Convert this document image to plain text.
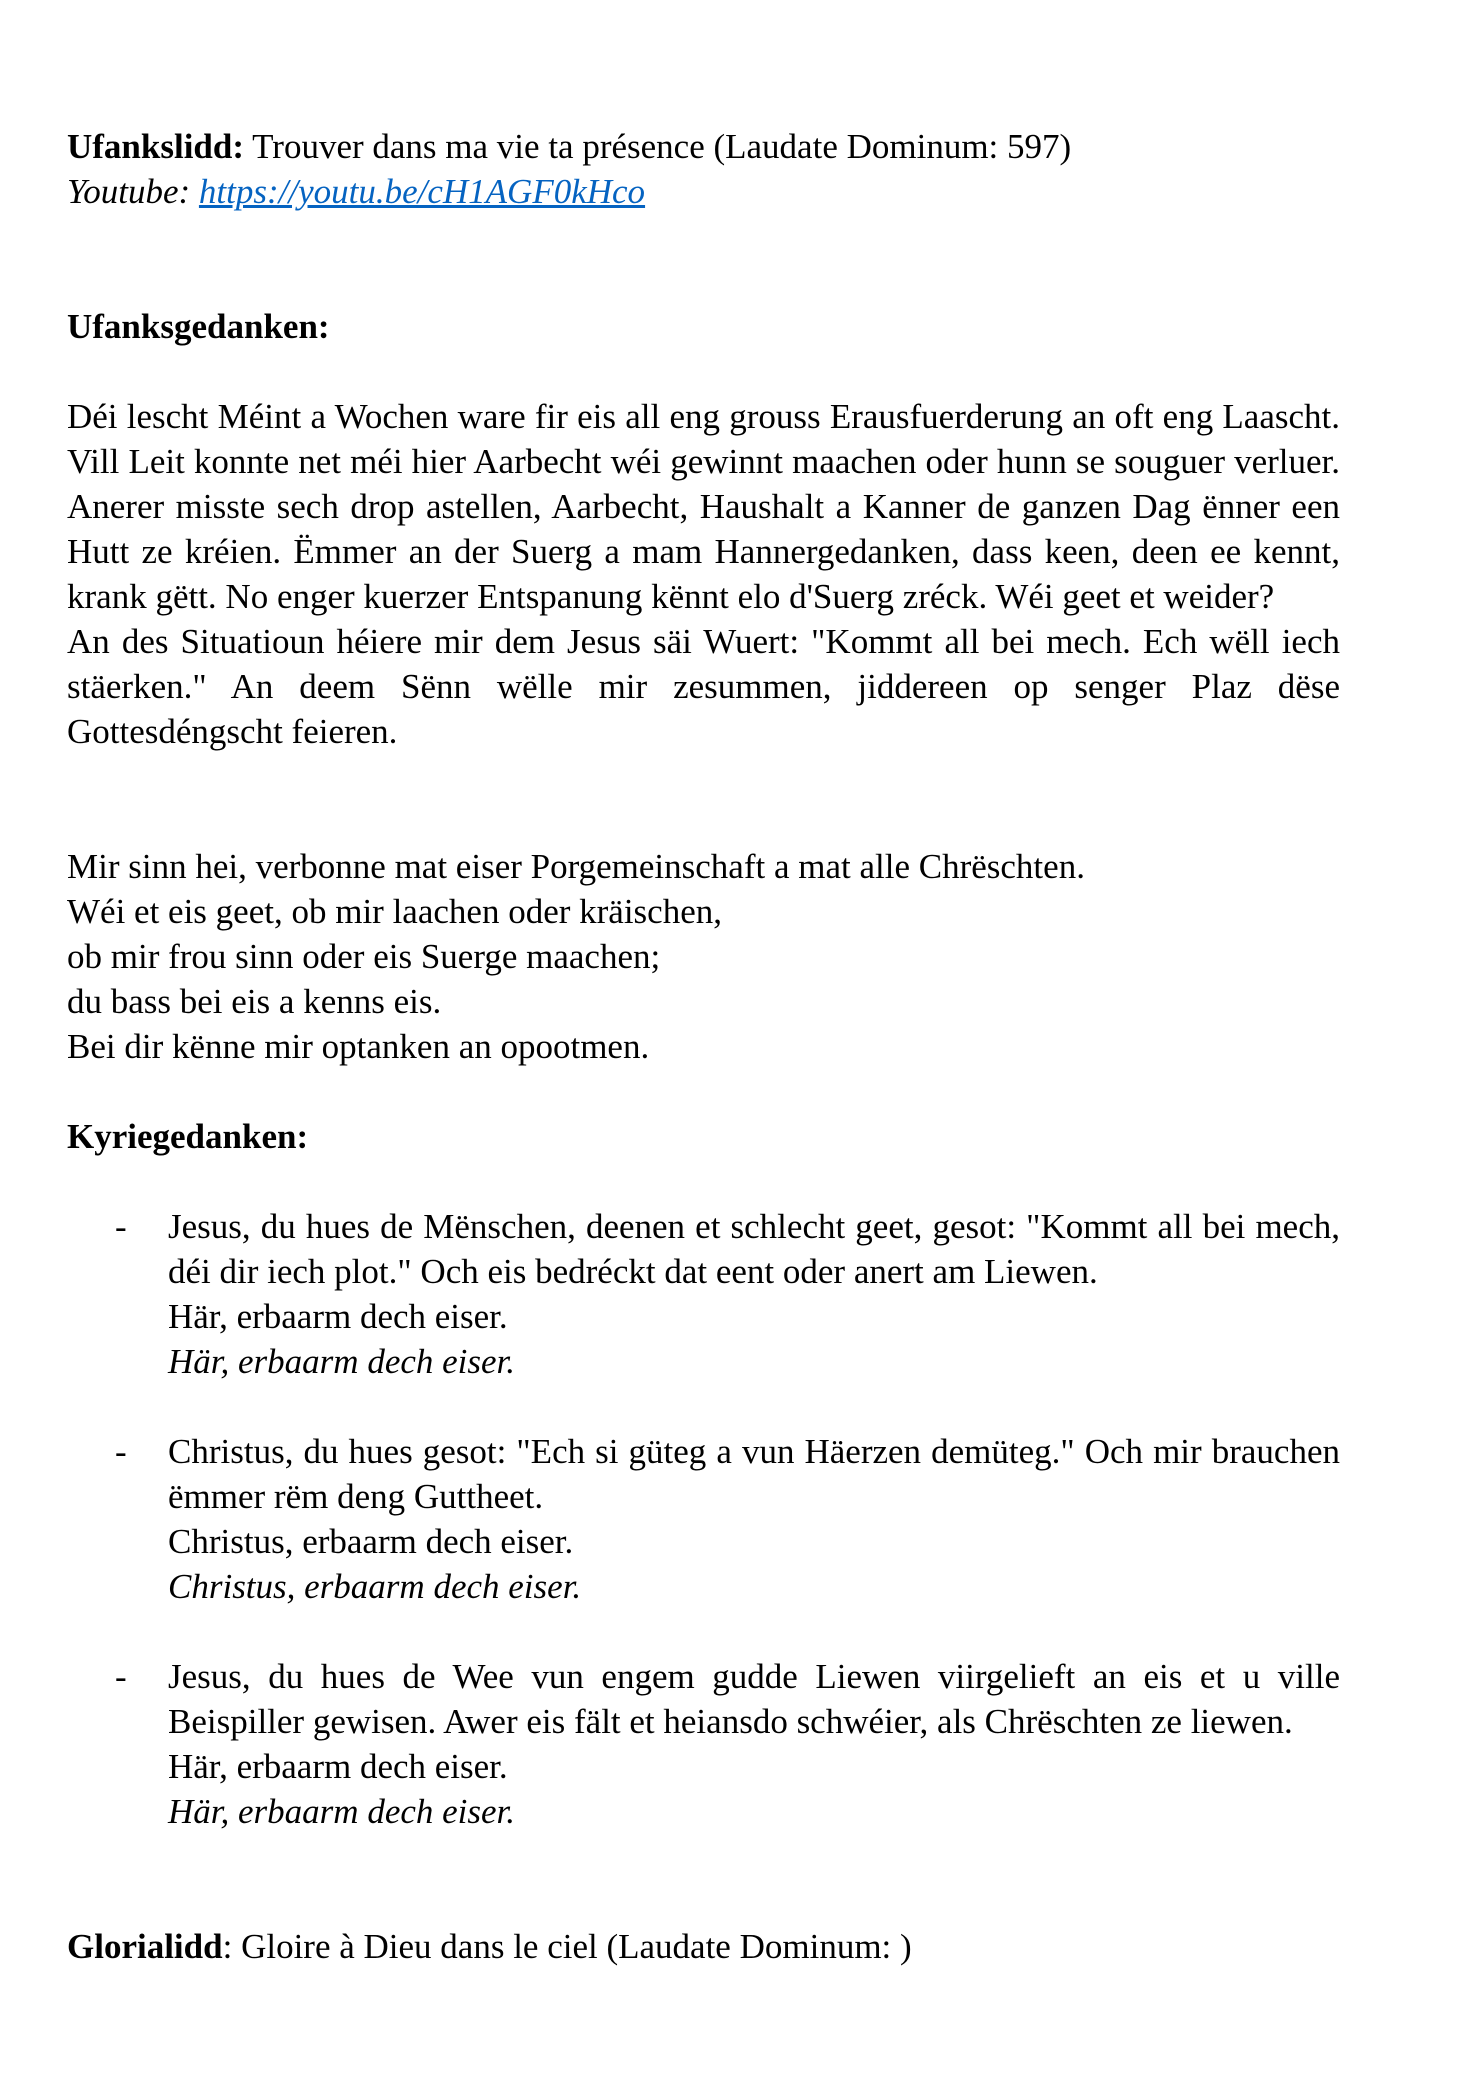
Ufankslidd: Trouver dans ma vie ta présence (Laudate Dominum: 597)

Youtube: https://youtu.be/cH1AGF0kHco

Ufanksgedanken:

Déi lescht Méint a Wochen ware fir eis all eng grouss Erausfuerderung an oft eng Laascht. Vill Leit konnte net méi hier Aarbecht wéi gewinnt maachen oder hunn se souguer verluer. Anerer misste sech drop astellen, Aarbecht, Haushalt a Kanner de ganzen Dag ënner een Hutt ze kréien. Ëmmer an der Suerg a mam Hannergedanken, dass keen, deen ee kennt, krank gëtt. No enger kuerzer Entspanung kënnt elo d'Suerg zréck. Wéi geet et weider?

An des Situatioun héiere mir dem Jesus säi Wuert: "Kommt all bei mech. Ech wëll iech stäerken." An deem Sënn wëlle mir zesummen, jiddereen op senger Plaz dëse Gottesdéngscht feieren.

Mir sinn hei, verbonne mat eiser Porgemeinschaft a mat alle Chrëschten.

Wéi et eis geet, ob mir laachen oder kräischen,

ob mir frou sinn oder eis Suerge maachen;

du bass bei eis a kenns eis.

Bei dir kënne mir optanken an opootmen.

Kyriegedanken:

- Jesus, du hues de Mënschen, deenen et schlecht geet, gesot: "Kommt all bei mech, déi dir iech plot." Och eis bedréckt dat eent oder anert am Liewen.

Här, erbaarm dech eiser.

Här, erbaarm dech eiser.

- Christus, du hues gesot: "Ech si güteg a vun Häerzen demüteg." Och mir brauchen ëmmer rëm deng Guttheet.

Christus, erbaarm dech eiser.

Christus, erbaarm dech eiser.

- Jesus, du hues de Wee vun engem gudde Liewen viirgelieft an eis et u ville Beispiller gewisen. Awer eis fält et heiansdo schwéier, als Chrëschten ze liewen.

Här, erbaarm dech eiser.

Här, erbaarm dech eiser.

Glorialidd: Gloire à Dieu dans le ciel (Laudate Dominum: )
